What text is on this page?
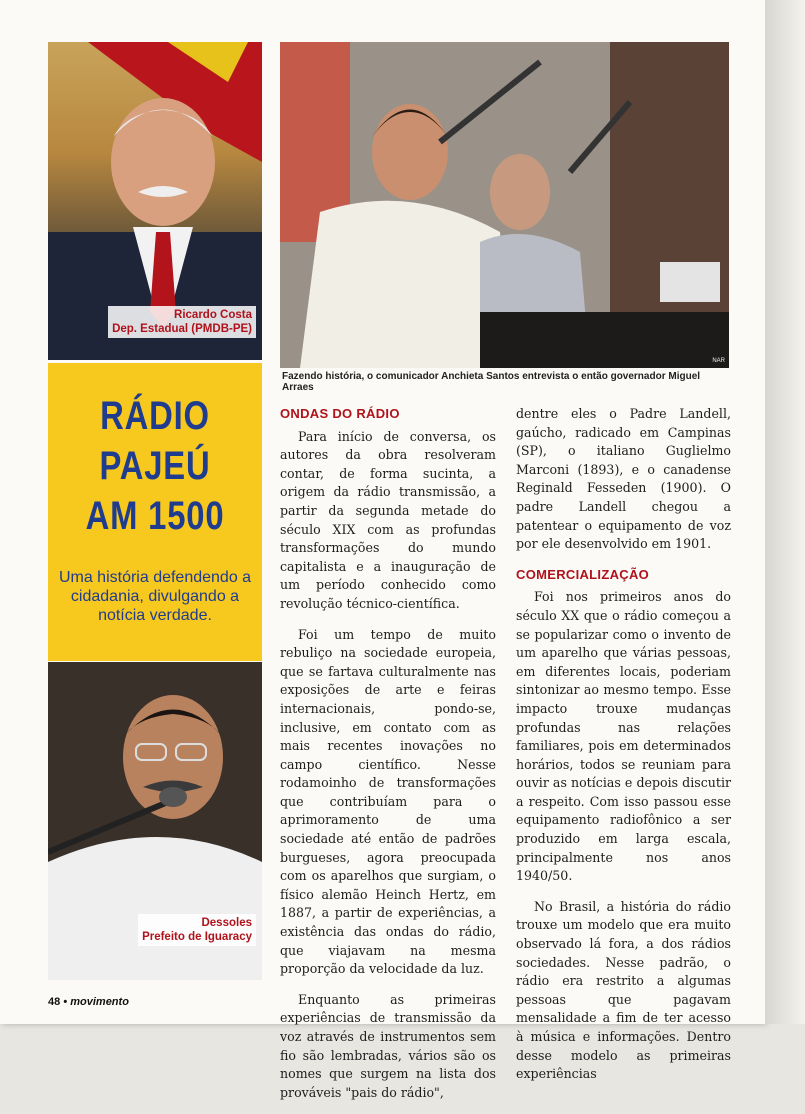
Ricardo Costa
Dep. Estadual (PMDB-PE)
NAR
Fazendo história, o comunicador Anchieta Santos entrevista o então governador Miguel Arraes
RÁDIO
PAJEÚ
AM 1500
Uma história defendendo a cidadania, divulgando a notícia verdade.
Dessoles
Prefeito de Iguaracy
ONDAS DO RÁDIO

Para início de conversa, os autores da obra resolveram contar, de forma sucinta, a origem da rádio transmissão, a partir da segunda metade do século XIX com as profundas transformações do mundo capitalista e a inauguração de um período conhecido como revolução técnico-científica.

Foi um tempo de muito rebuliço na sociedade europeia, que se fartava culturalmente nas exposições de arte e feiras internacionais, pondo-se, inclusive, em contato com as mais recentes inovações no campo científico. Nesse rodamoinho de transformações que contribuíam para o aprimoramento de uma sociedade até então de padrões burgueses, agora preocupada com os aparelhos que surgiam, o físico alemão Heinch Hertz, em 1887, a partir de experiências, a existência das ondas do rádio, que viajavam na mesma proporção da velocidade da luz.

Enquanto as primeiras experiências de transmissão da voz através de instrumentos sem fio são lembradas, vários são os nomes que surgem na lista dos prováveis "pais do rádio",

dentre eles o Padre Landell, gaúcho, radicado em Campinas (SP), o italiano Guglielmo Marconi (1893), e o canadense Reginald Fesseden (1900). O padre Landell chegou a patentear o equipamento de voz por ele desenvolvido em 1901.

COMERCIALIZAÇÃO

Foi nos primeiros anos do século XX que o rádio começou a se popularizar como o invento de um aparelho que várias pessoas, em diferentes locais, poderiam sintonizar ao mesmo tempo. Esse impacto trouxe mudanças profundas nas relações familiares, pois em determinados horários, todos se reuniam para ouvir as notícias e depois discutir a respeito. Com isso passou esse equipamento radiofônico a ser produzido em larga escala, principalmente nos anos 1940/50.

No Brasil, a história do rádio trouxe um modelo que era muito observado lá fora, a dos rádios sociedades. Nesse padrão, o rádio era restrito a algumas pessoas que pagavam mensalidade a fim de ter acesso à música e informações. Dentro desse modelo as primeiras experiências

48 • movimento
